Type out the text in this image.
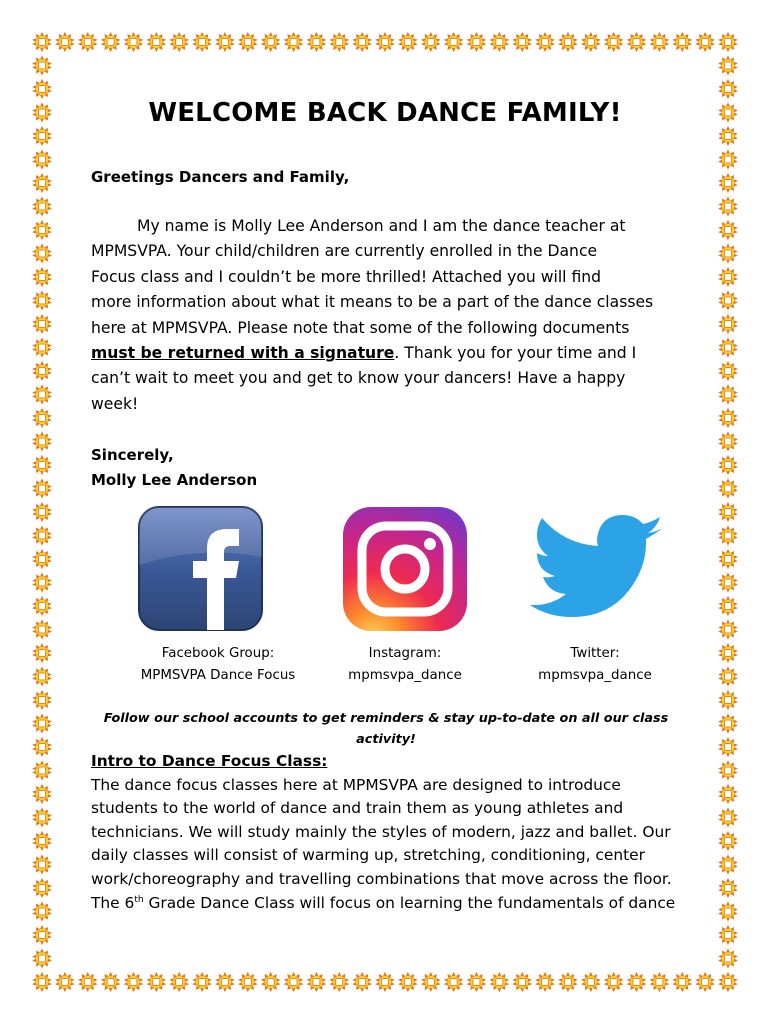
WELCOME BACK DANCE FAMILY!
Greetings Dancers and Family,
My name is Molly Lee Anderson and I am the dance teacher at
MPMSVPA. Your child/children are currently enrolled in the Dance
Focus class and I couldn’t be more thrilled! Attached you will find
more information about what it means to be a part of the dance classes
here at MPMSVPA. Please note that some of the following documents
must be returned with a signature. Thank you for your time and I
can’t wait to meet you and get to know your dancers! Have a happy
week!
Sincerely,
Molly Lee Anderson
Facebook Group:
MPMSVPA Dance Focus
Instagram:
mpmsvpa_dance
Twitter:
mpmsvpa_dance
Follow our school accounts to get reminders & stay up-to-date on all our class
activity!
Intro to Dance Focus Class:
The dance focus classes here at MPMSVPA are designed to introduce
students to the world of dance and train them as young athletes and
technicians. We will study mainly the styles of modern, jazz and ballet. Our
daily classes will consist of warming up, stretching, conditioning, center
work/choreography and travelling combinations that move across the floor.
The 6th Grade Dance Class will focus on learning the fundamentals of dance
